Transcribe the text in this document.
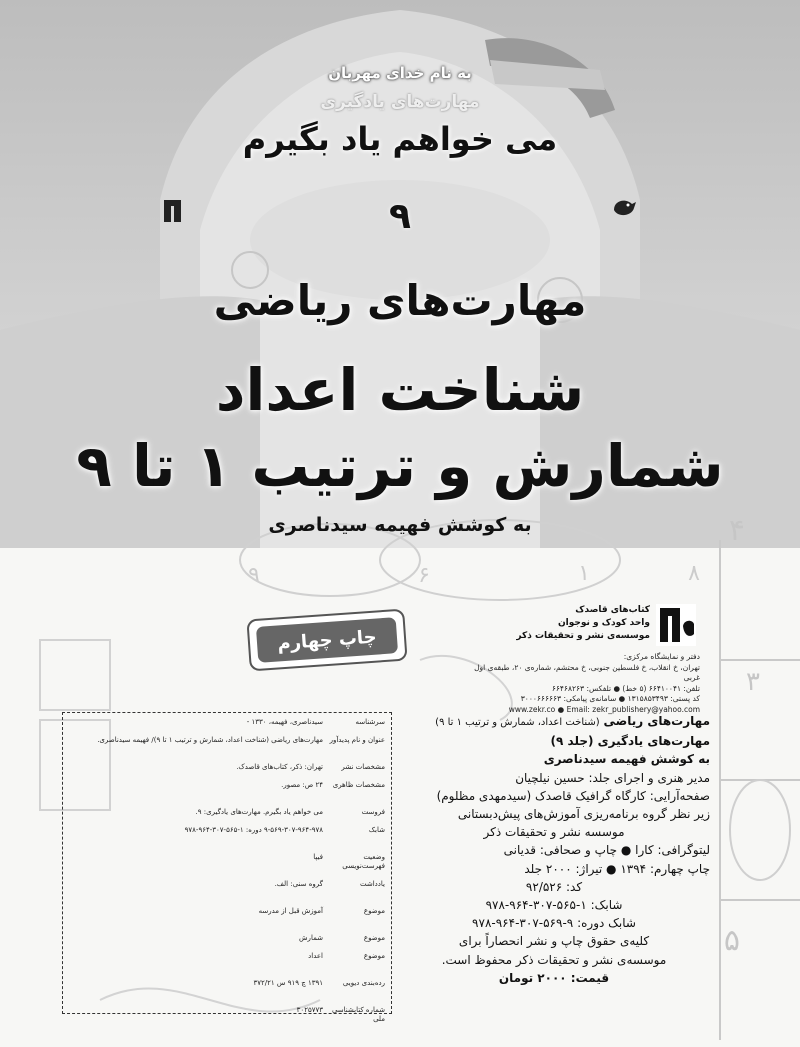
۴
۳
۵
۸
۱
۶
۹
به نام خدای مهربان
مهارت‌های یادگیری
می خواهم یاد بگیرم
۹
مهارت‌های ریاضی
شناخت اعداد
شمارش و ترتیب ۱ تا ۹
به کوشش فهیمه سیدناصری
چاپ چهارم
کتاب‌های قاصدک
واحد کودک و نوجوان
موسسه‌ی نشر و تحقیقات ذکر
دفتر و نمایشگاه مرکزی:
تهران، خ انقلاب، خ فلسطین جنوبی، خ محتشم، شماره‌ی ۲۰، طبقه‌ی اول غربی
تلفن: ۶۶۴۱۰۰۴۱ (۵ خط) ● تلفکس: ۶۶۴۶۸۲۶۳
کد پستی: ۱۳۱۵۸۵۳۴۹۳ ● سامانه‌ی پیامکی: ۳۰۰۰۶۶۶۶۶۳
www.zekr.co ● Email: zekr_publishery@yahoo.com
مهارت‌های ریاضی (شناخت اعداد، شمارش و ترتیب ۱ تا ۹)
مهارت‌های یادگیری (جلد ۹)
به کوشش فهیمه سیدناصری
مدیر هنری و اجرای جلد: حسین نیلچیان
صفحه‌آرایی: کارگاه گرافیک قاصدک (سیدمهدی مظلوم)
زیر نظر گروه برنامه‌ریزی آموزش‌های پیش‌دبستانی
موسسه نشر و تحقیقات ذکر
لیتوگرافی: کارا ● چاپ و صحافی: قدیانی
چاپ چهارم: ۱۳۹۴ ● تیراژ: ۲۰۰۰ جلد
کد: ۹۲/۵۲۶
شابک: ۱-۵۶۵-۳۰۷-۹۶۴-۹۷۸
شابک دوره: ۹-۵۶۹-۳۰۷-۹۶۴-۹۷۸
کلیه‌ی حقوق چاپ و نشر انحصاراً برای
موسسه‌ی نشر و تحقیقات ذکر محفوظ است.
قیمت: ۲۰۰۰ تومان
سرشناسه
سیدناصری، فهیمه، ۱۳۳۰ -
عنوان و نام پدیدآور
مهارت‌های ریاضی (شناخت اعداد، شمارش و ترتیب ۱ تا ۹)/ فهیمه سیدناصری.
مشخصات نشر
تهران: ذکر، کتاب‌های قاصدک.
مشخصات ظاهری
۲۴ ص: مصور.
فروست
می خواهم یاد بگیرم. مهارت‌های یادگیری: ۹.
شابک
۹-۵۶۹-۳۰۷-۹۶۴-۹۷۸ دوره: ۱-۵۶۵-۳۰۷-۹۶۴-۹۷۸
وضعیت فهرست‌نویسی
فیپا
یادداشت
گروه سنی: الف.
موضوع
آموزش قبل از مدرسه
موضوع
شمارش
موضوع
اعداد
رده‌بندی دیویی
۱۳۹۱ چ ۹۱۹ س ۳۷۲/۲۱
شماره کتابشناسی ملی
۳۰۲۵۷۷۳
